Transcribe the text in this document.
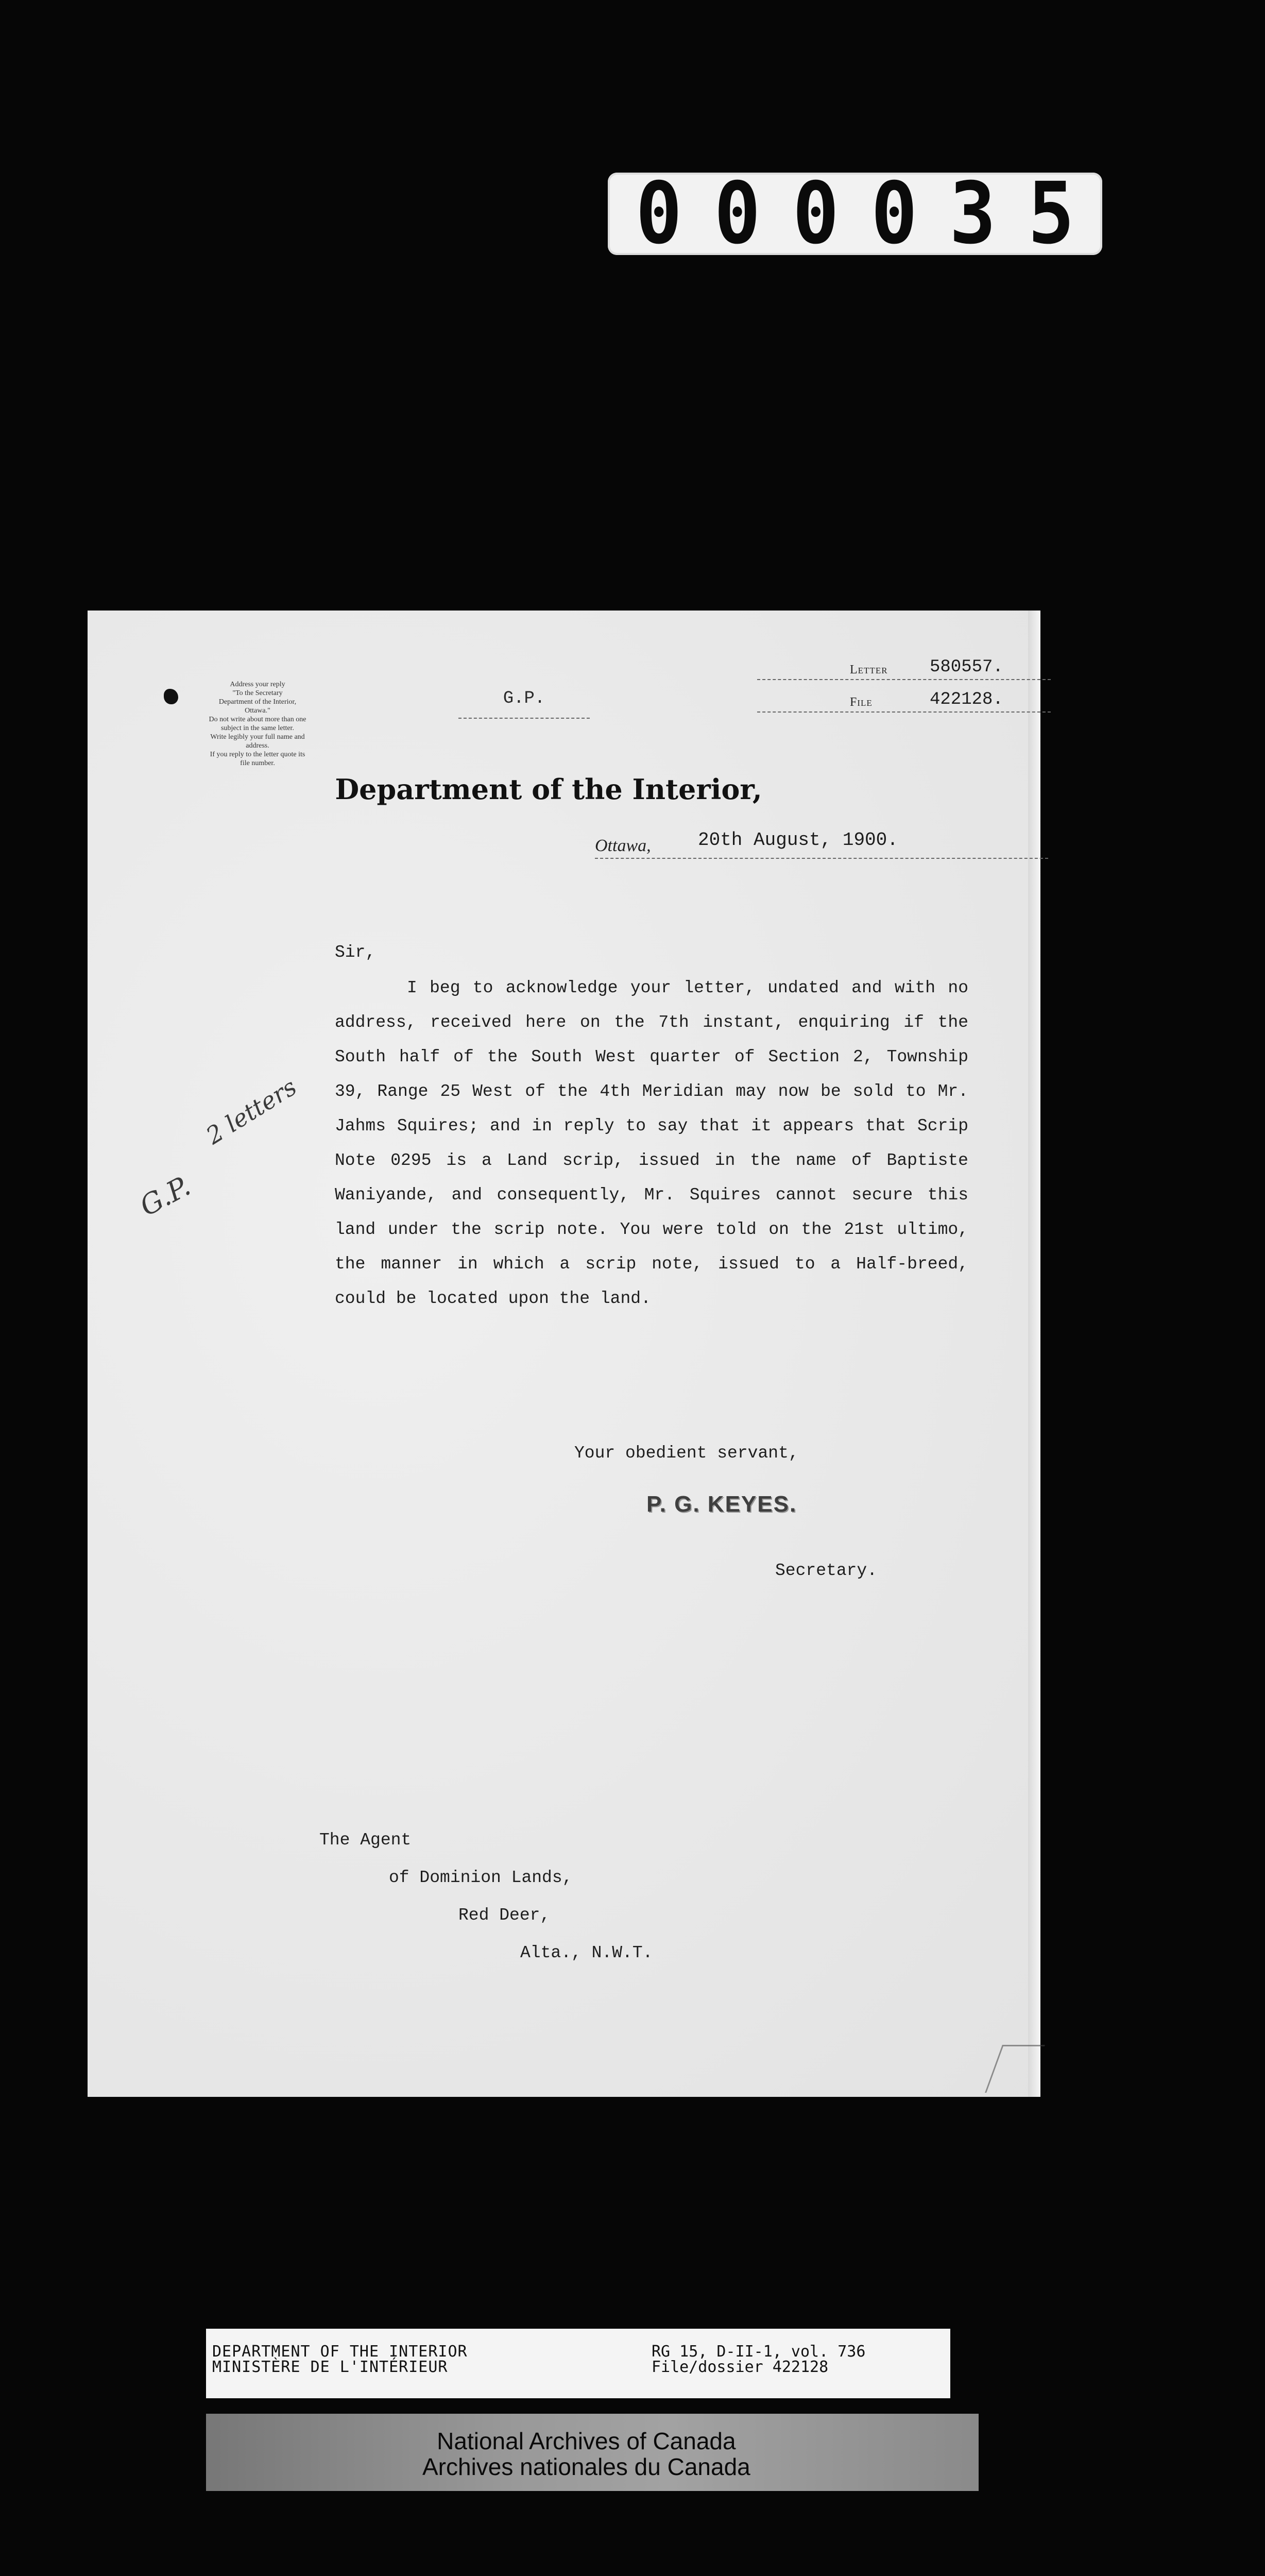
000035

Address your reply
"To the Secretary
Department of the Interior,
Ottawa."
Do not write about more than one
subject in the same letter.
Write legibly your full name and
address.
If you reply to the letter quote its
file number.
G.P.
Letter 580557.
File	422128.
Department of the Interior,
Ottawa,	20th August, 1900.
2 letters
G.P.
Sir,

I beg to acknowledge your letter, undated and with no address, received here on the 7th instant, enquiring if the South half of the South West quarter of Section 2, Township 39, Range 25 West of the 4th Meridian may now be sold to Mr. Jahms Squires; and in reply to say that it appears that Scrip Note 0295 is a Land scrip, issued in the name of Baptiste Waniyande, and consequently, Mr. Squires cannot secure this land under the scrip note. You were told on the 21st ultimo, the manner in which a scrip note, issued to a Half-breed, could be located upon the land.

Your obedient servant,
P. G. KEYES.
Secretary.
The Agent
of Dominion Lands,
Red Deer,
Alta., N.W.T.
DEPARTMENT OF THE INTERIOR
MINISTÈRE DE L'INTÉRIEUR
RG 15, D-II-1, vol. 736
File/dossier 422128
National Archives of Canada
Archives nationales du Canada
